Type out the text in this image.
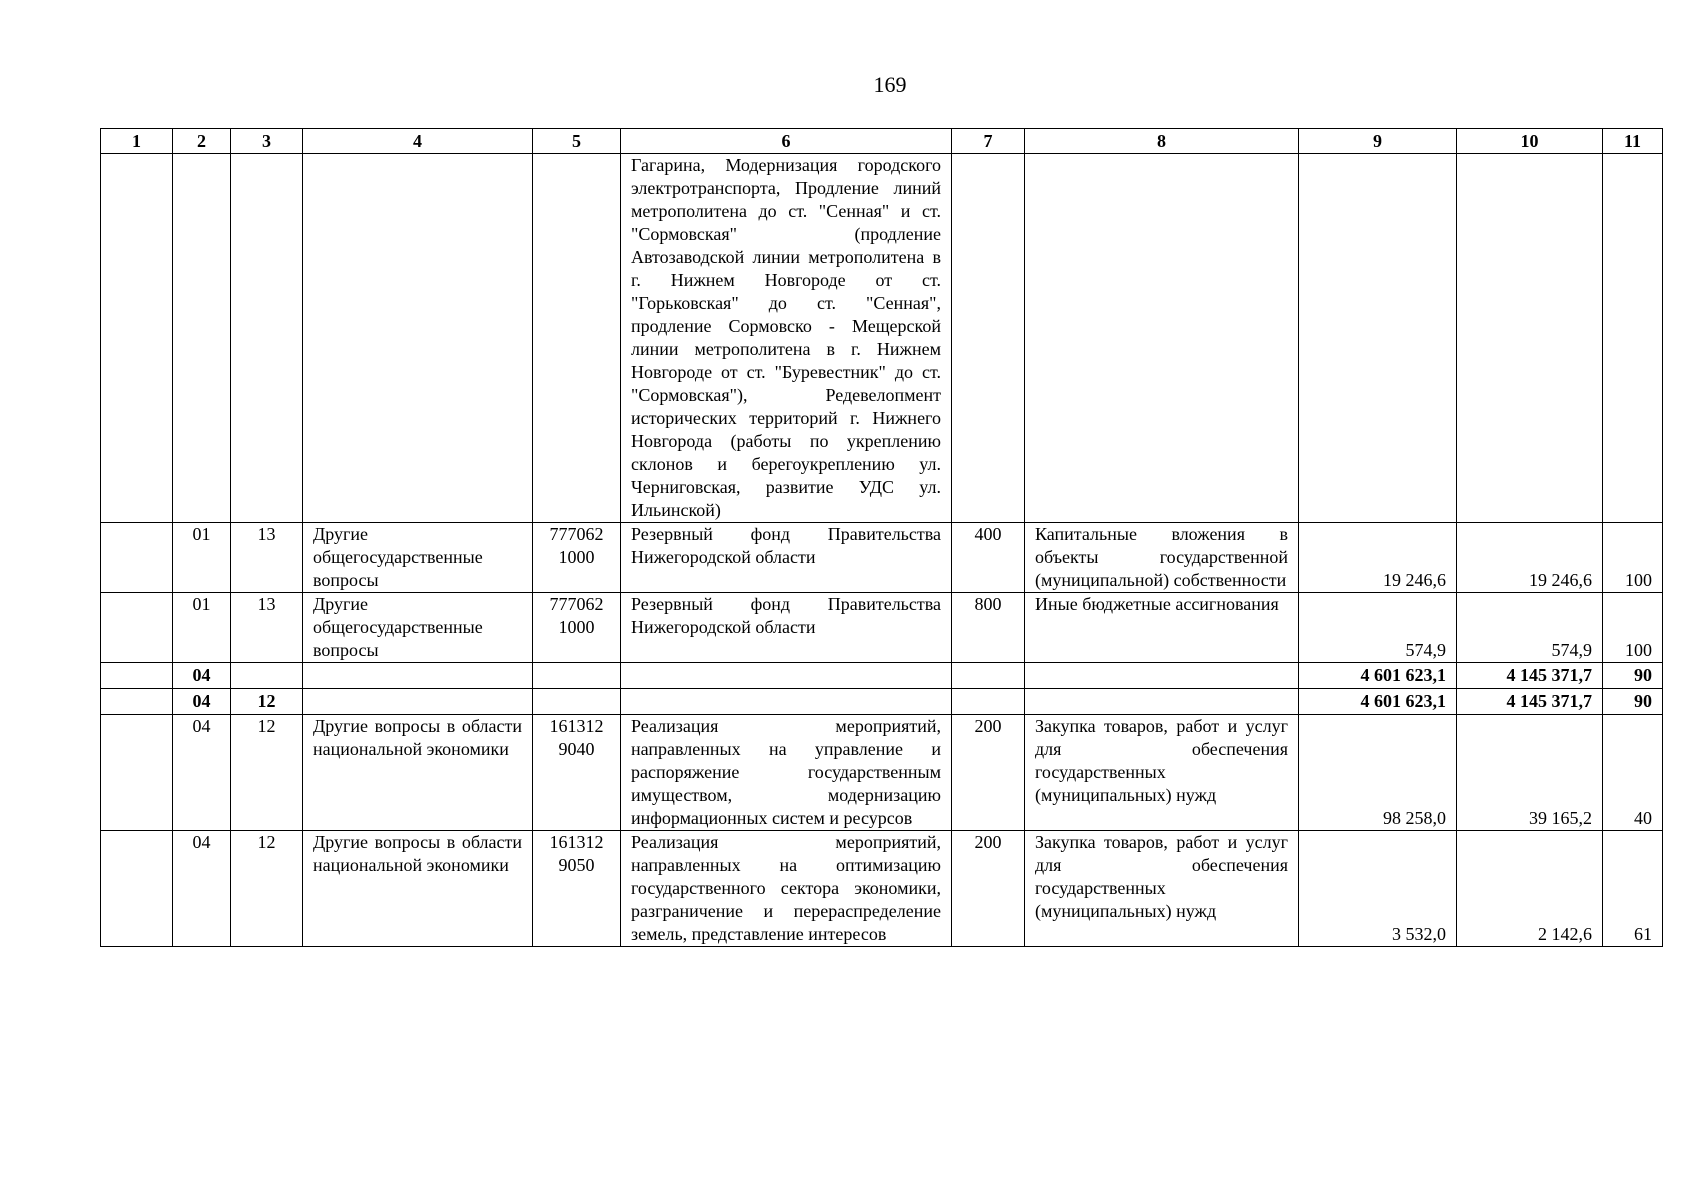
169
1	2	3	4	5	6	7	8	9	10	11
					Гагарина, Модернизация городского электротранспорта, Продление линий метрополитена до ст. "Сенная" и ст. "Сормовская" (продление Автозаводской линии метрополитена в г. Нижнем Новгороде от ст. "Горьковская" до ст. "Сенная", продление Сормовско - Мещерской линии метрополитена в г. Нижнем Новгороде от ст. "Буревестник" до ст. "Сормовская"), Редевелопмент исторических территорий г. Нижнего Новгорода (работы по укреплению склонов и берегоукреплению ул. Черниговская, развитие УДС ул. Ильинской)					
	01	13	Другие общегосударственные вопросы	777062 1000	Резервный фонд Правительства Нижегородской области	400	Капитальные вложения в объекты государственной (муниципальной) собственности	19 246,6	19 246,6	100
	01	13	Другие общегосударственные вопросы	777062 1000	Резервный фонд Правительства Нижегородской области	800	Иные бюджетные ассигнования	574,9	574,9	100
	04							4 601 623,1	4 145 371,7	90
	04	12						4 601 623,1	4 145 371,7	90
	04	12	Другие вопросы в области национальной экономики	161312 9040	Реализация мероприятий, направленных на управление и распоряжение государственным имуществом, модернизацию информационных систем и ресурсов	200	Закупка товаров, работ и услуг для обеспечения государственных (муниципальных) нужд	98 258,0	39 165,2	40
	04	12	Другие вопросы в области национальной экономики	161312 9050	Реализация мероприятий, направленных на оптимизацию государственного сектора экономики, разграничение и перераспределение земель, представление интересов	200	Закупка товаров, работ и услуг для обеспечения государственных (муниципальных) нужд	3 532,0	2 142,6	61
